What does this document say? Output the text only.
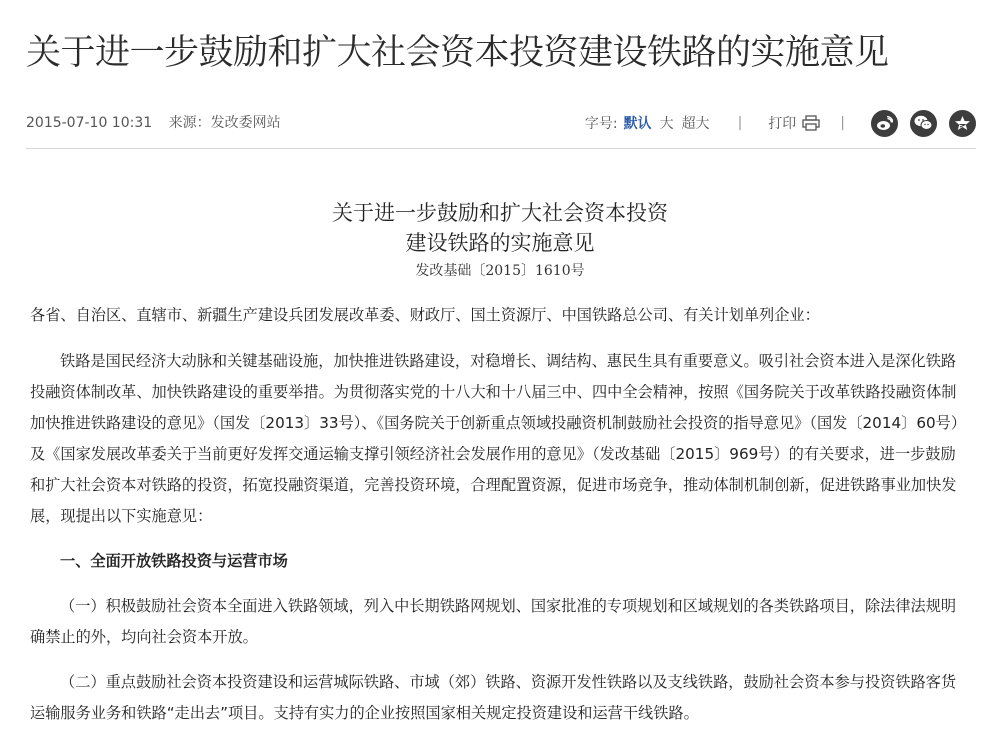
关于进一步鼓励和扩大社会资本投资建设铁路的实施意见
2015-07-10 10:31 来源：发改委网站	字号: 默认 大 超大 | 打印	|
关于进一步鼓励和扩大社会资本投资
建设铁路的实施意见
发改基础〔2015〕1610号

各省、自治区、直辖市、新疆生产建设兵团发展改革委、财政厅、国土资源厅、中国铁路总公司、有关计划单列企业：

铁路是国民经济大动脉和关键基础设施，加快推进铁路建设，对稳增长、调结构、惠民生具有重要意义。吸引社会资本进入是深化铁路投融资体制改革、加快铁路建设的重要举措。为贯彻落实党的十八大和十八届三中、四中全会精神，按照《国务院关于改革铁路投融资体制加快推进铁路建设的意见》（国发〔2013〕33号）、《国务院关于创新重点领域投融资机制鼓励社会投资的指导意见》（国发〔2014〕60号）及《国家发展改革委关于当前更好发挥交通运输支撑引领经济社会发展作用的意见》（发改基础〔2015〕969号）的有关要求，进一步鼓励和扩大社会资本对铁路的投资，拓宽投融资渠道，完善投资环境，合理配置资源，促进市场竞争，推动体制机制创新，促进铁路事业加快发展，现提出以下实施意见：

一、全面开放铁路投资与运营市场

（一）积极鼓励社会资本全面进入铁路领域，列入中长期铁路网规划、国家批准的专项规划和区域规划的各类铁路项目，除法律法规明确禁止的外，均向社会资本开放。

（二）重点鼓励社会资本投资建设和运营城际铁路、市域（郊）铁路、资源开发性铁路以及支线铁路，鼓励社会资本参与投资铁路客货运输服务业务和铁路“走出去”项目。支持有实力的企业按照国家相关规定投资建设和运营干线铁路。
